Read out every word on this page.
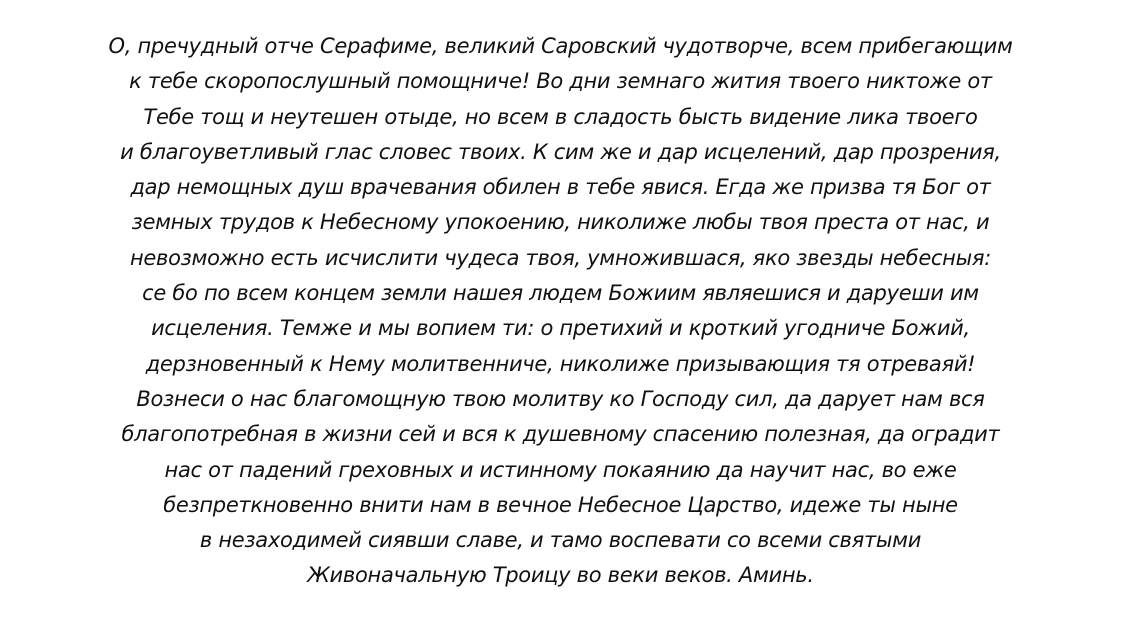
О, пречудный отче Серафиме, великий Саровский чудотворче, всем прибегающим
к тебе скоропослушный помощниче! Во дни земнаго жития твоего никтоже от
Тебе тощ и неутешен отыде, но всем в сладость бысть видение лика твоего
и благоуветливый глас словес твоих. К сим же и дар исцелений, дар прозрения,
дар немощных душ врачевания обилен в тебе явися. Егда же призва тя Бог от
земных трудов к Небесному упокоению, николиже любы твоя преста от нас, и
невозможно есть исчислити чудеса твоя, умножившася, яко звезды небесныя:
се бо по всем концем земли нашея людем Божиим являешися и даруеши им
исцеления. Темже и мы вопием ти: о претихий и кроткий угодниче Божий,
дерзновенный к Нему молитвенниче, николиже призывающия тя отреваяй!
Вознеси о нас благомощную твою молитву ко Господу сил, да дарует нам вся
благопотребная в жизни сей и вся к душевному спасению полезная, да оградит
нас от падений греховных и истинному покаянию да научит нас, во еже
безпреткновенно внити нам в вечное Небесное Царство, идеже ты ныне
в незаходимей сиявши славе, и тамо воспевати со всеми святыми
Живоначальную Троицу во веки веков. Аминь.
